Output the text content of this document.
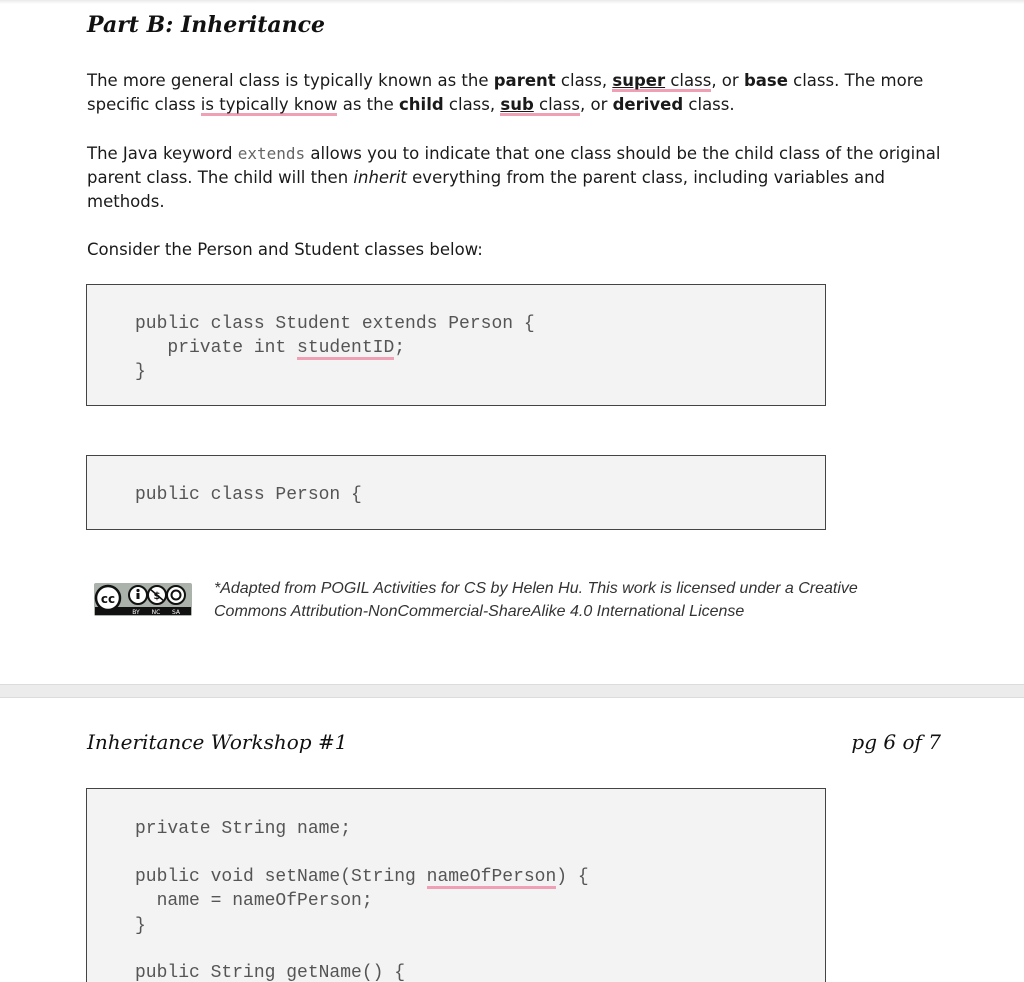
Part B: Inheritance
The more general class is typically known as the parent class, super class, or base class. The more specific class is typically know as the child class, sub class, or derived class.
The Java keyword extends allows you to indicate that one class should be the child class of the original parent class. The child will then inherit everything from the parent class, including variables and methods.
Consider the Person and Student classes below:
public class Student extends Person {
private int studentID;
}
public class Person {
cc	$
BY NC SA
*Adapted from POGIL Activities for CS by Helen Hu. This work is licensed under a Creative Commons Attribution-NonCommercial-ShareAlike 4.0 International License
Inheritance Workshop #1	pg 6 of 7
private String name;
public void setName(String nameOfPerson) {
name = nameOfPerson;
}
public String getName() {
